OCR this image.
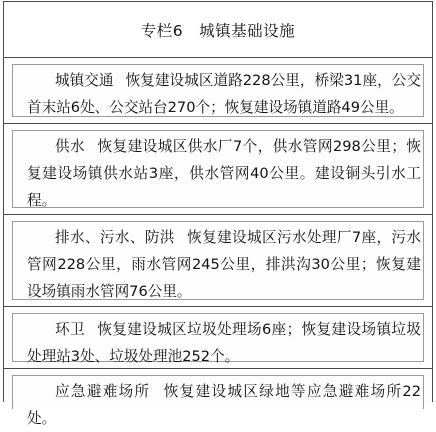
专栏6 城镇基础设施

城镇交通 恢复建设城区道路228公里，桥梁31座，公交首末站6处、公交站台270个；恢复建设场镇道路49公里。

供水 恢复建设城区供水厂7个，供水管网298公里；恢复建设场镇供水站3座，供水管网40公里。建设铜头引水工程。

排水、污水、防洪 恢复建设城区污水处理厂7座，污水管网228公里，雨水管网245公里，排洪沟30公里；恢复建设场镇雨水管网76公里。

环卫 恢复建设城区垃圾处理场6座；恢复建设场镇垃圾处理站3处、垃圾处理池252个。

应急避难场所 恢复建设城区绿地等应急避难场所22处。
